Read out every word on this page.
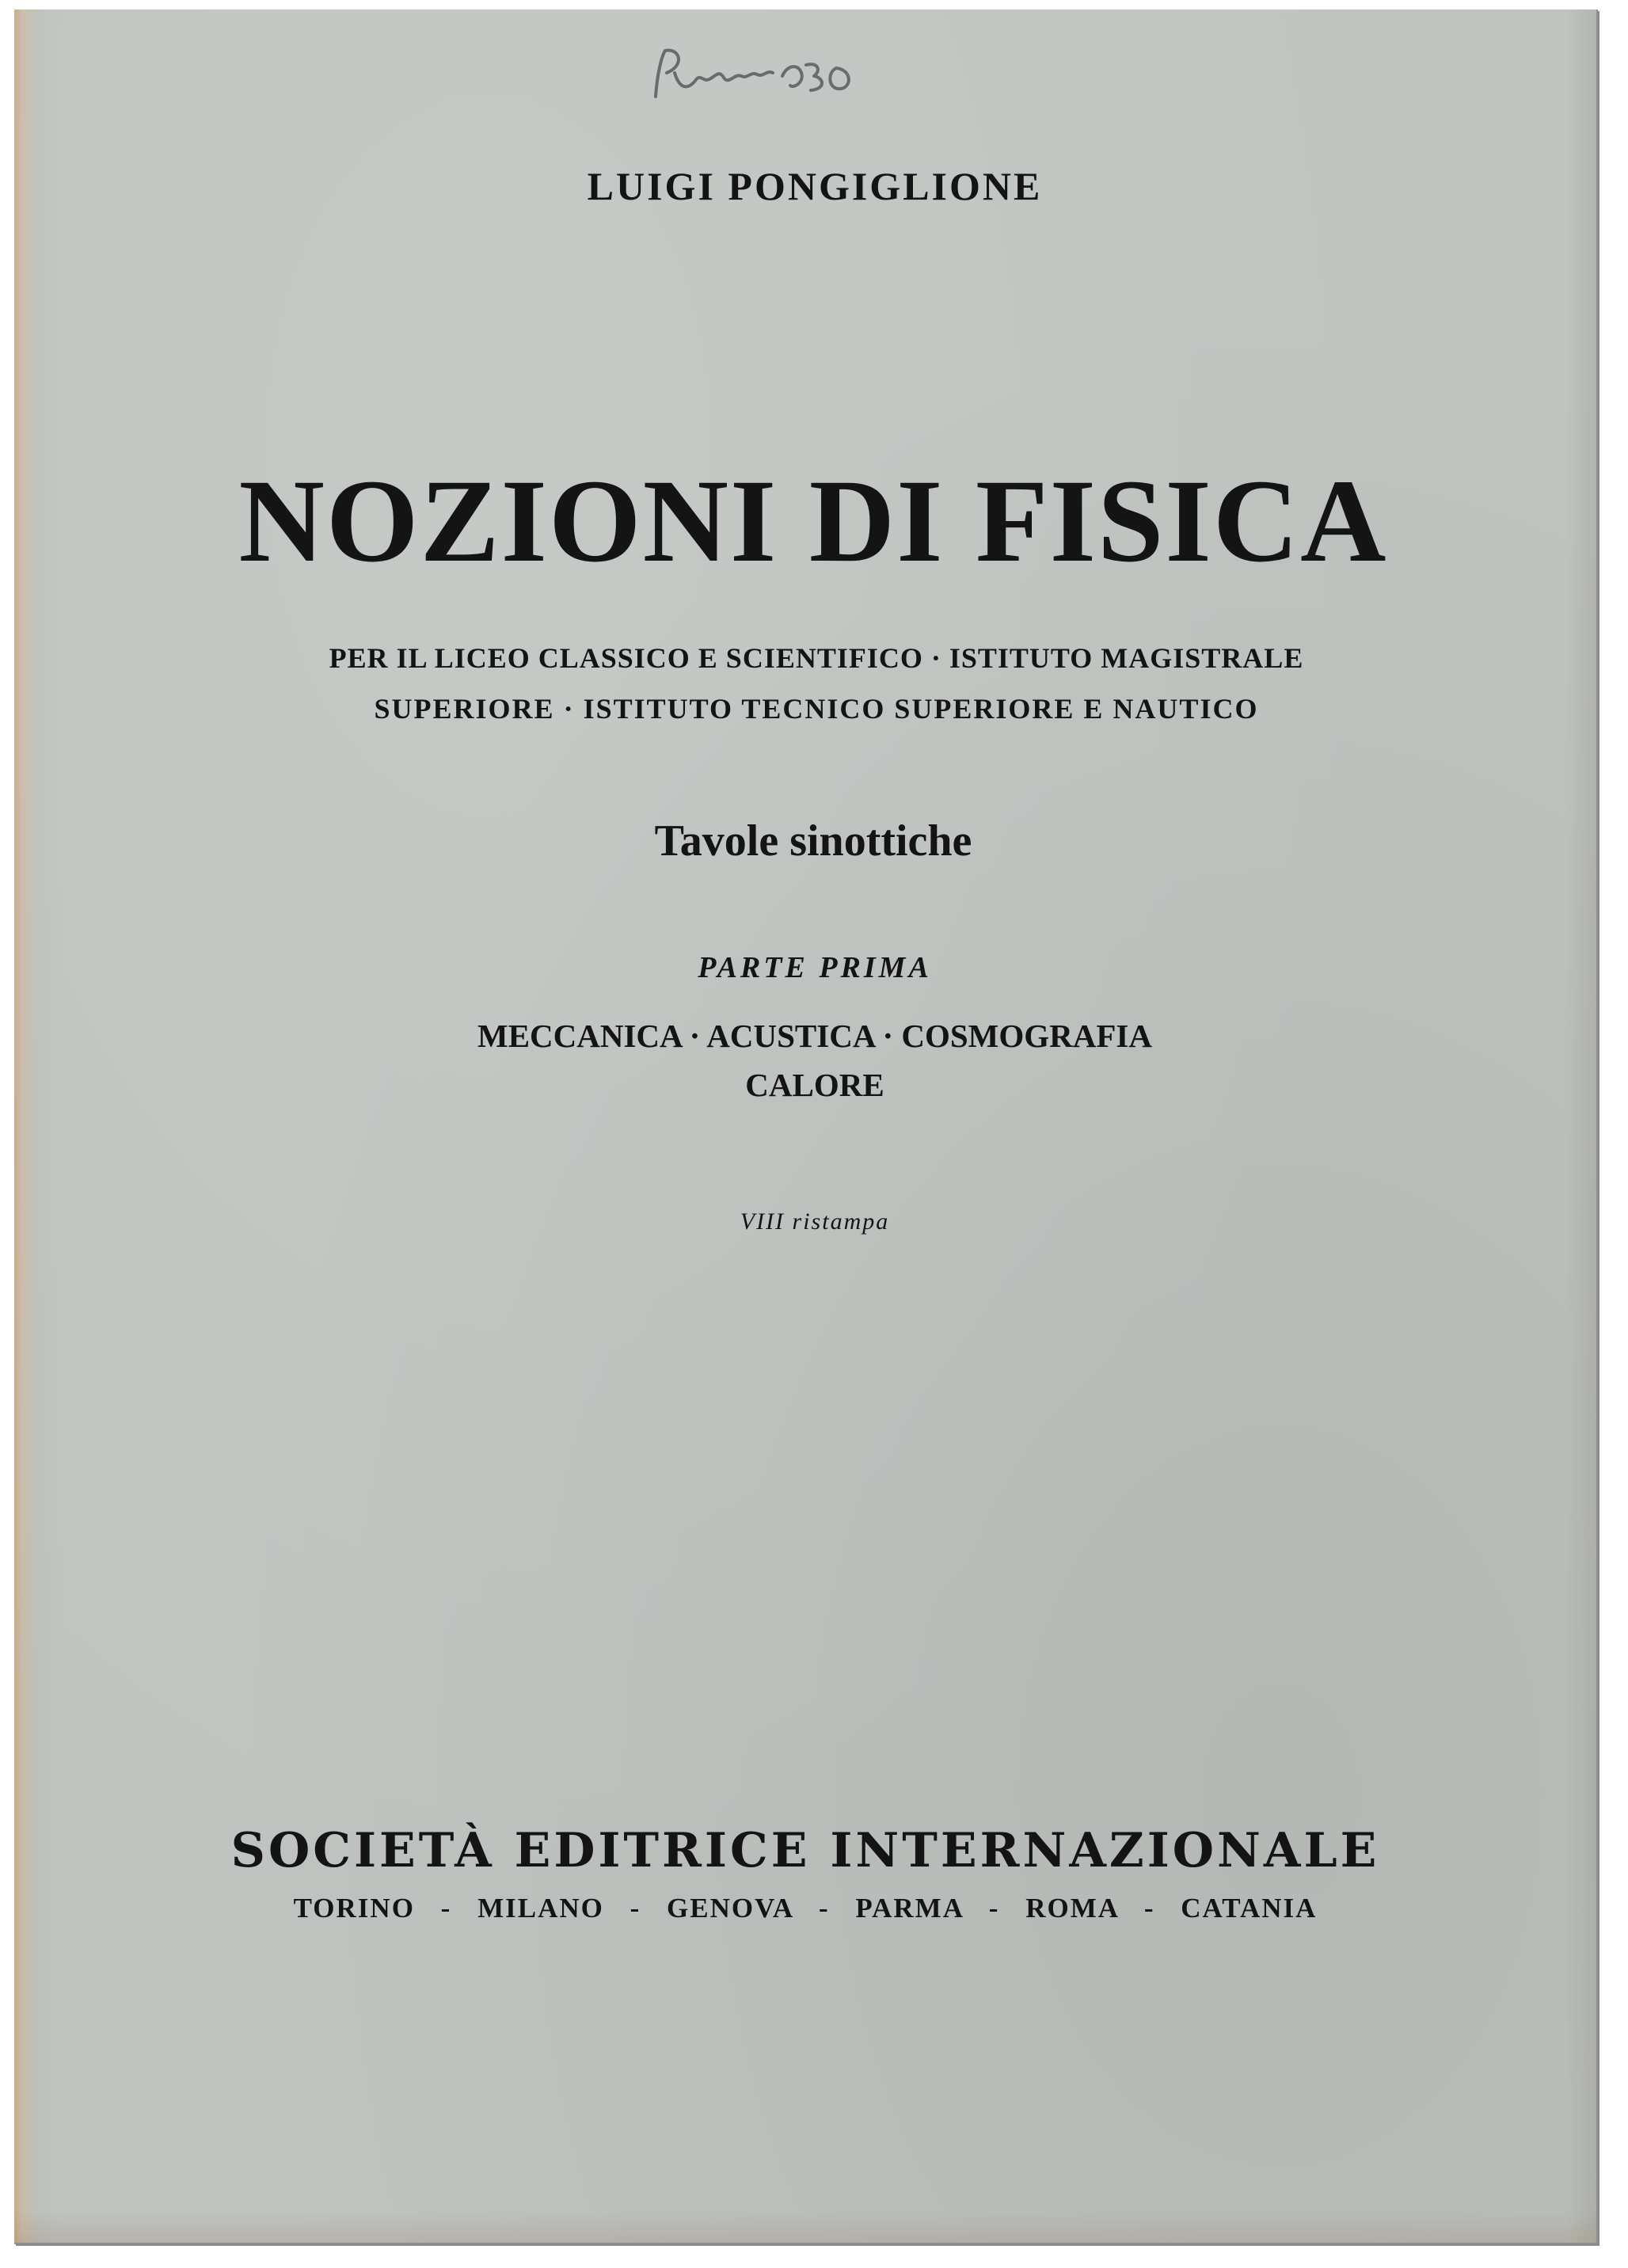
LUIGI PONGIGLIONE
NOZIONI DI FISICA
PER IL LICEO CLASSICO E SCIENTIFICO · ISTITUTO MAGISTRALE
SUPERIORE · ISTITUTO TECNICO SUPERIORE E NAUTICO
Tavole sinottiche
PARTE PRIMA
MECCANICA · ACUSTICA · COSMOGRAFIA
CALORE
VIII ristampa
SOCIETÀ EDITRICE INTERNAZIONALE
TORINO - MILANO - GENOVA - PARMA - ROMA - CATANIA
